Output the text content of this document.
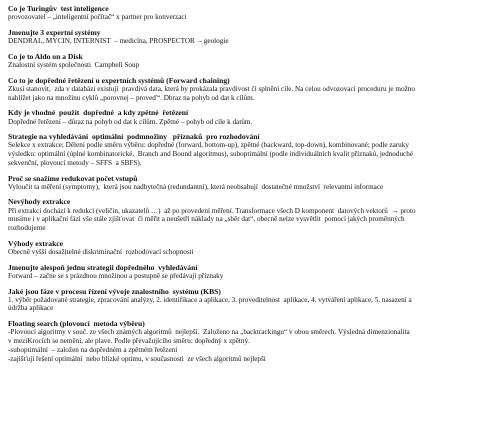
Co je Turingův  test inteligence
provozovatel – „inteligentní počítač“ x partner pro konverzaci
Jmenujte 3 expertní systémy
DENDRAL, MYCIN, INTERNIST  – medicína, PROSPECTOR  – geologie
Co je to Aldo on a Disk
Znalostní systém společnosti  Campbell Soup
Co to je dopředné řetězení u expertních systémů (Forward chaining)
Zkusí stanovit,  zda v databázi existují  pravdivá data, která by prokázala pravdivost či splnění cíle. Na celou odvozovací proceduru je možno
nahlížet jako na množinu cyklů „porovnej – proveď“. Dbraz na pohyb od dat k cílům.
Kdy je vhodné  použít  dopředné  a kdy zpětné  řetězení
Dopředné řetězení – důraz na pohyb od dat k cílům. Zpětné – pohyb od cíle k datům.
Strategie na vyhledávání  optimální  podmnožiny   příznaků  pro rozhodování
Selekce x extrakce; Dělení podle směru výběru: dopředné (forward, bottom-up), zpětné (backward, top-down), kombinované; podle zaruky
výsledku: optimální (úplné kombinatorické,  Branch and Bound algoritmus), suboptimální (podle individuálních kvalit příznaků, jednoduché
sekvenční, plovoucí metody – SFFS  a SBFS).
Proč se snažíme redukovat počet vstupů
Vyloučit ta měření (symptomy),  která jsou nadbytečná (redundantní), která neobsahují  dostatečné množství  relevantní informace
Nevýhody extrakce
Při extrakci dochází k redukci (veličin, ukazatelů …)  až po provedení měření. Transformace všech D komponent  datových vektorů  → proto
musíme i v aplikační fázi vše stále zjišťovat  či měřit a neušetří náklady na „sběr dat“, obecně nelze vysvětlit  pomocí jakých proměnných
rozhodujeme
Výhody extrakce
Obecně vyšší dosažitelné diskriminační  rozhodovací schopnosti
Jmenujte alespoň jednu strategii dopředného  vyhledávání
Forward – začne se s prázdnou množinou a postupně se předávají příznaky
Jaké jsou fáze v procesu řízení vývoje znalostního  systému (KBS)
1. výběr požadované strategie, zpracování analýzy, 2. identifikace a aplikace, 3. proveditelnost  aplikace, 4. vytváření aplikace, 5. nasazení a
údržba aplikace
Floating search (plovoucí  metoda výběru)
-Plovoucí algoritmy v souč. ze všech známých algoritmů  nejlepší.  Založeno na „backtrackingu“ v obou směrech. Výsledná dimenzionalita
v meziKrocích se nemění, ale plave. Podle převažujícího směru: dopředný x zpětný.
-suboptimální  – založen na dopředném a zpětném řetězení
-zajišťují řešení optimální  nebo blízké optimu, v současnosti  ze všech algoritmů nejlepší
